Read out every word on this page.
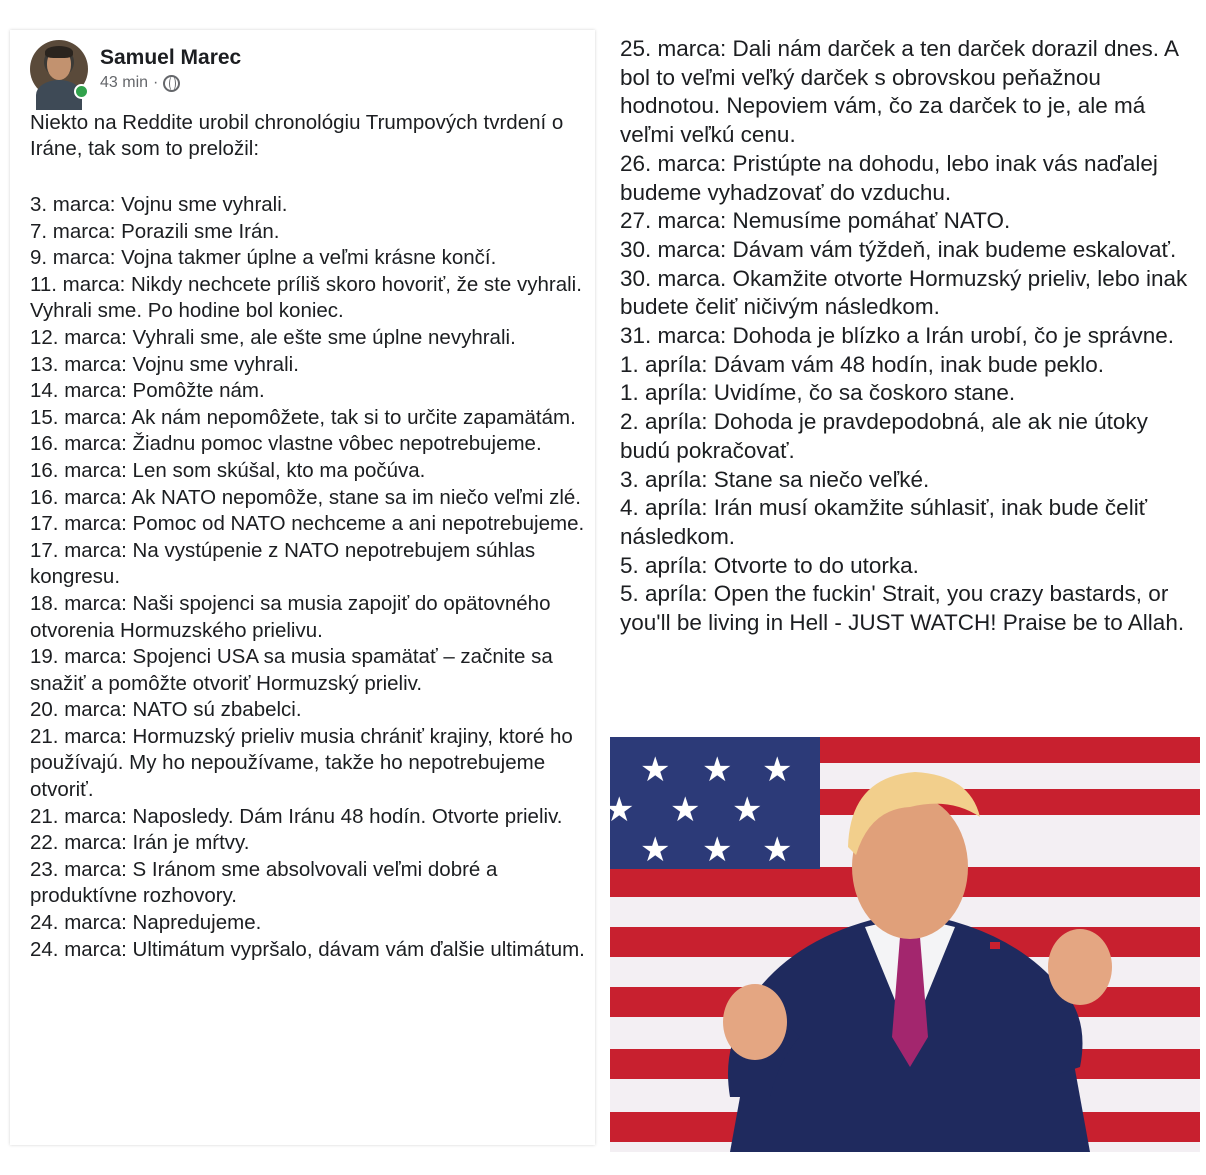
Samuel Marec
43 min ·

Niekto na Reddite urobil chronológiu Trumpových tvrdení o Iráne, tak som to preložil:

3. marca: Vojnu sme vyhrali.
7. marca: Porazili sme Irán.
9. marca: Vojna takmer úplne a veľmi krásne končí.
11. marca: Nikdy nechcete príliš skoro hovoriť, že ste vyhrali. Vyhrali sme. Po hodine bol koniec.
12. marca: Vyhrali sme, ale ešte sme úplne nevyhrali.
13. marca: Vojnu sme vyhrali.
14. marca: Pomôžte nám.
15. marca: Ak nám nepomôžete, tak si to určite zapamätám.
16. marca: Žiadnu pomoc vlastne vôbec nepotrebujeme.
16. marca: Len som skúšal, kto ma počúva.
16. marca: Ak NATO nepomôže, stane sa im niečo veľmi zlé.
17. marca: Pomoc od NATO nechceme a ani nepotrebujeme.
17. marca: Na vystúpenie z NATO nepotrebujem súhlas kongresu.
18. marca: Naši spojenci sa musia zapojiť do opätovného otvorenia Hormuzského prielivu.
19. marca: Spojenci USA sa musia spamätať – začnite sa snažiť a pomôžte otvoriť Hormuzský prieliv.
20. marca: NATO sú zbabelci.
21. marca: Hormuzský prieliv musia chrániť krajiny, ktoré ho používajú. My ho nepoužívame, takže ho nepotrebujeme otvoriť.
21. marca: Naposledy. Dám Iránu 48 hodín. Otvorte prieliv.
22. marca: Irán je mŕtvy.
23. marca: S Iránom sme absolvovali veľmi dobré a produktívne rozhovory.
24. marca: Napredujeme.
24. marca: Ultimátum vypršalo, dávam vám ďalšie ultimátum.
25. marca: Dali nám darček a ten darček dorazil dnes. A bol to veľmi veľký darček s obrovskou peňažnou hodnotou. Nepoviem vám, čo za darček to je, ale má veľmi veľkú cenu.
26. marca: Pristúpte na dohodu, lebo inak vás naďalej budeme vyhadzovať do vzduchu.
27. marca: Nemusíme pomáhať NATO.
30. marca: Dávam vám týždeň, inak budeme eskalovať.
30. marca. Okamžite otvorte Hormuzský prieliv, lebo inak budete čeliť ničivým následkom.
31. marca: Dohoda je blízko a Irán urobí, čo je správne.
1. apríla: Dávam vám 48 hodín, inak bude peklo.
1. apríla: Uvidíme, čo sa čoskoro stane.
2. apríla: Dohoda je pravdepodobná, ale ak nie útoky budú pokračovať.
3. apríla: Stane sa niečo veľké.
4. apríla: Irán musí okamžite súhlasiť, inak bude čeliť následkom.
5. apríla: Otvorte to do utorka.
5. apríla: Open the fuckin' Strait, you crazy bastards, or you'll be living in Hell - JUST WATCH! Praise be to Allah.
★ ★ ★
★ ★
★ ★ ★
★
